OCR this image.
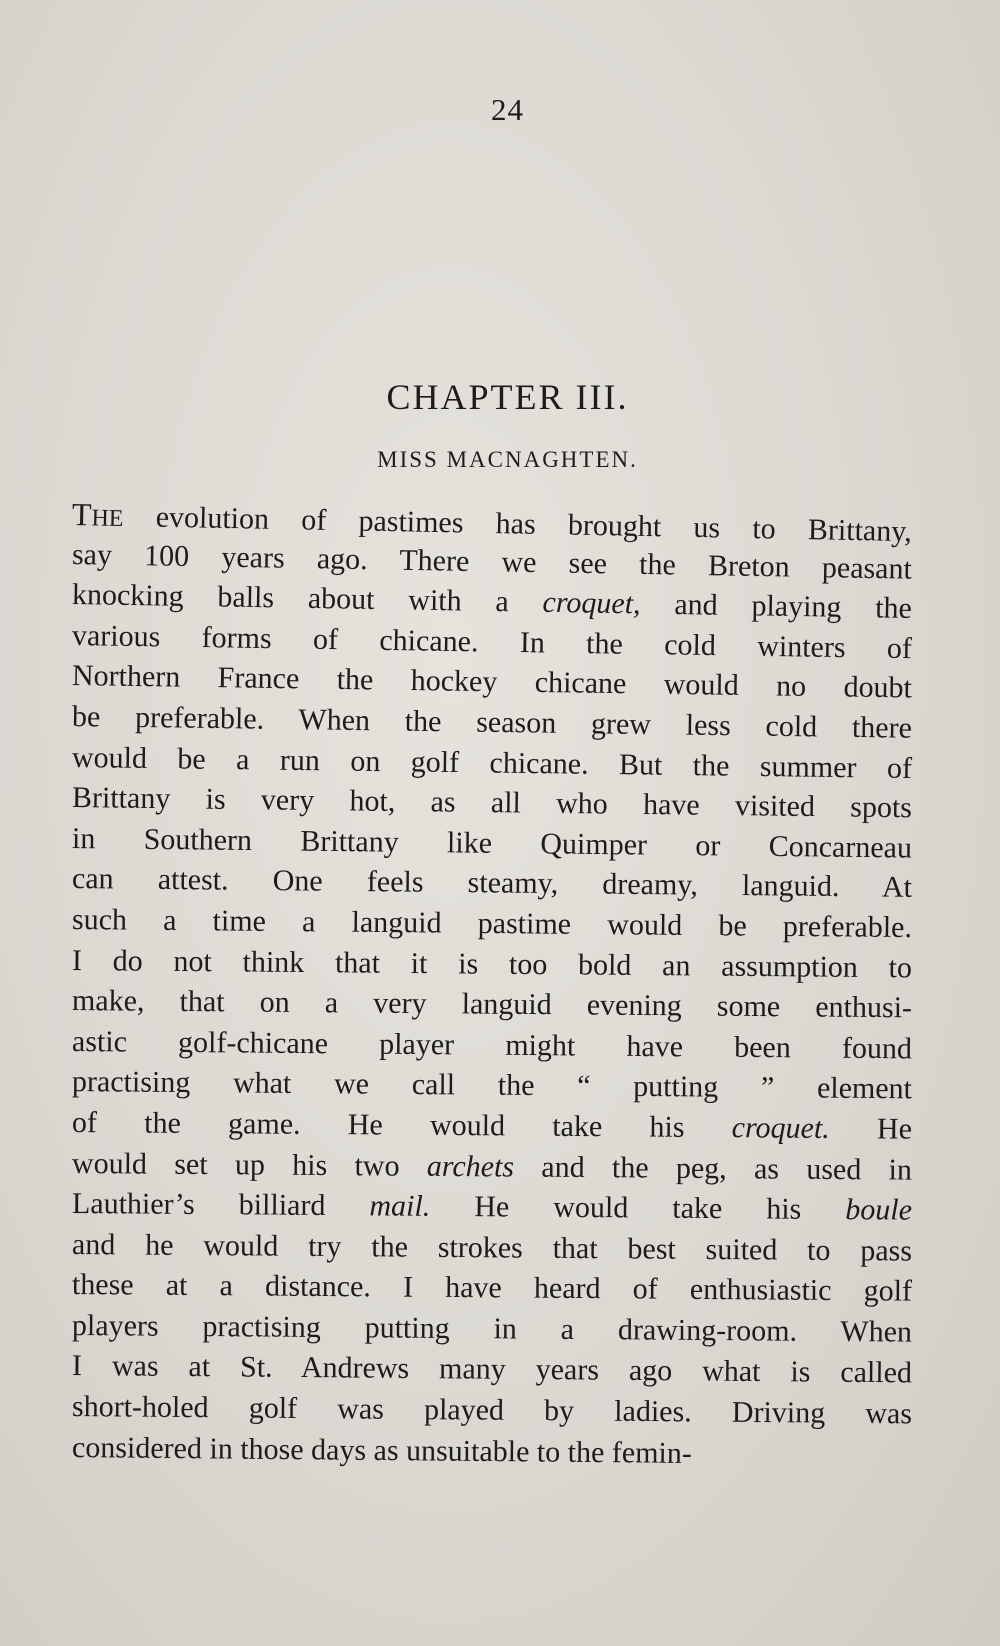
24
CHAPTER III.
MISS MACNAGHTEN.
THE evolution of pastimes has brought us to Brittany,
say 100 years ago. There we see the Breton peasant
knocking balls about with a croquet, and playing the
various forms of chicane. In the cold winters of
Northern France the hockey chicane would no doubt
be preferable. When the season grew less cold there
would be a run on golf chicane. But the summer of
Brittany is very hot, as all who have visited spots
in Southern Brittany like Quimper or Concarneau
can attest. One feels steamy, dreamy, languid. At
such a time a languid pastime would be preferable.
I do not think that it is too bold an assumption to
make, that on a very languid evening some enthusi-
astic golf-chicane player might have been found
practising what we call the “ putting ” element
of the game. He would take his croquet. He
would set up his two archets and the peg, as used in
Lauthier’s billiard mail. He would take his boule
and he would try the strokes that best suited to pass
these at a distance. I have heard of enthusiastic golf
players practising putting in a drawing-room. When
I was at St. Andrews many years ago what is called
short-holed golf was played by ladies. Driving was
considered in those days as unsuitable to the femin-
